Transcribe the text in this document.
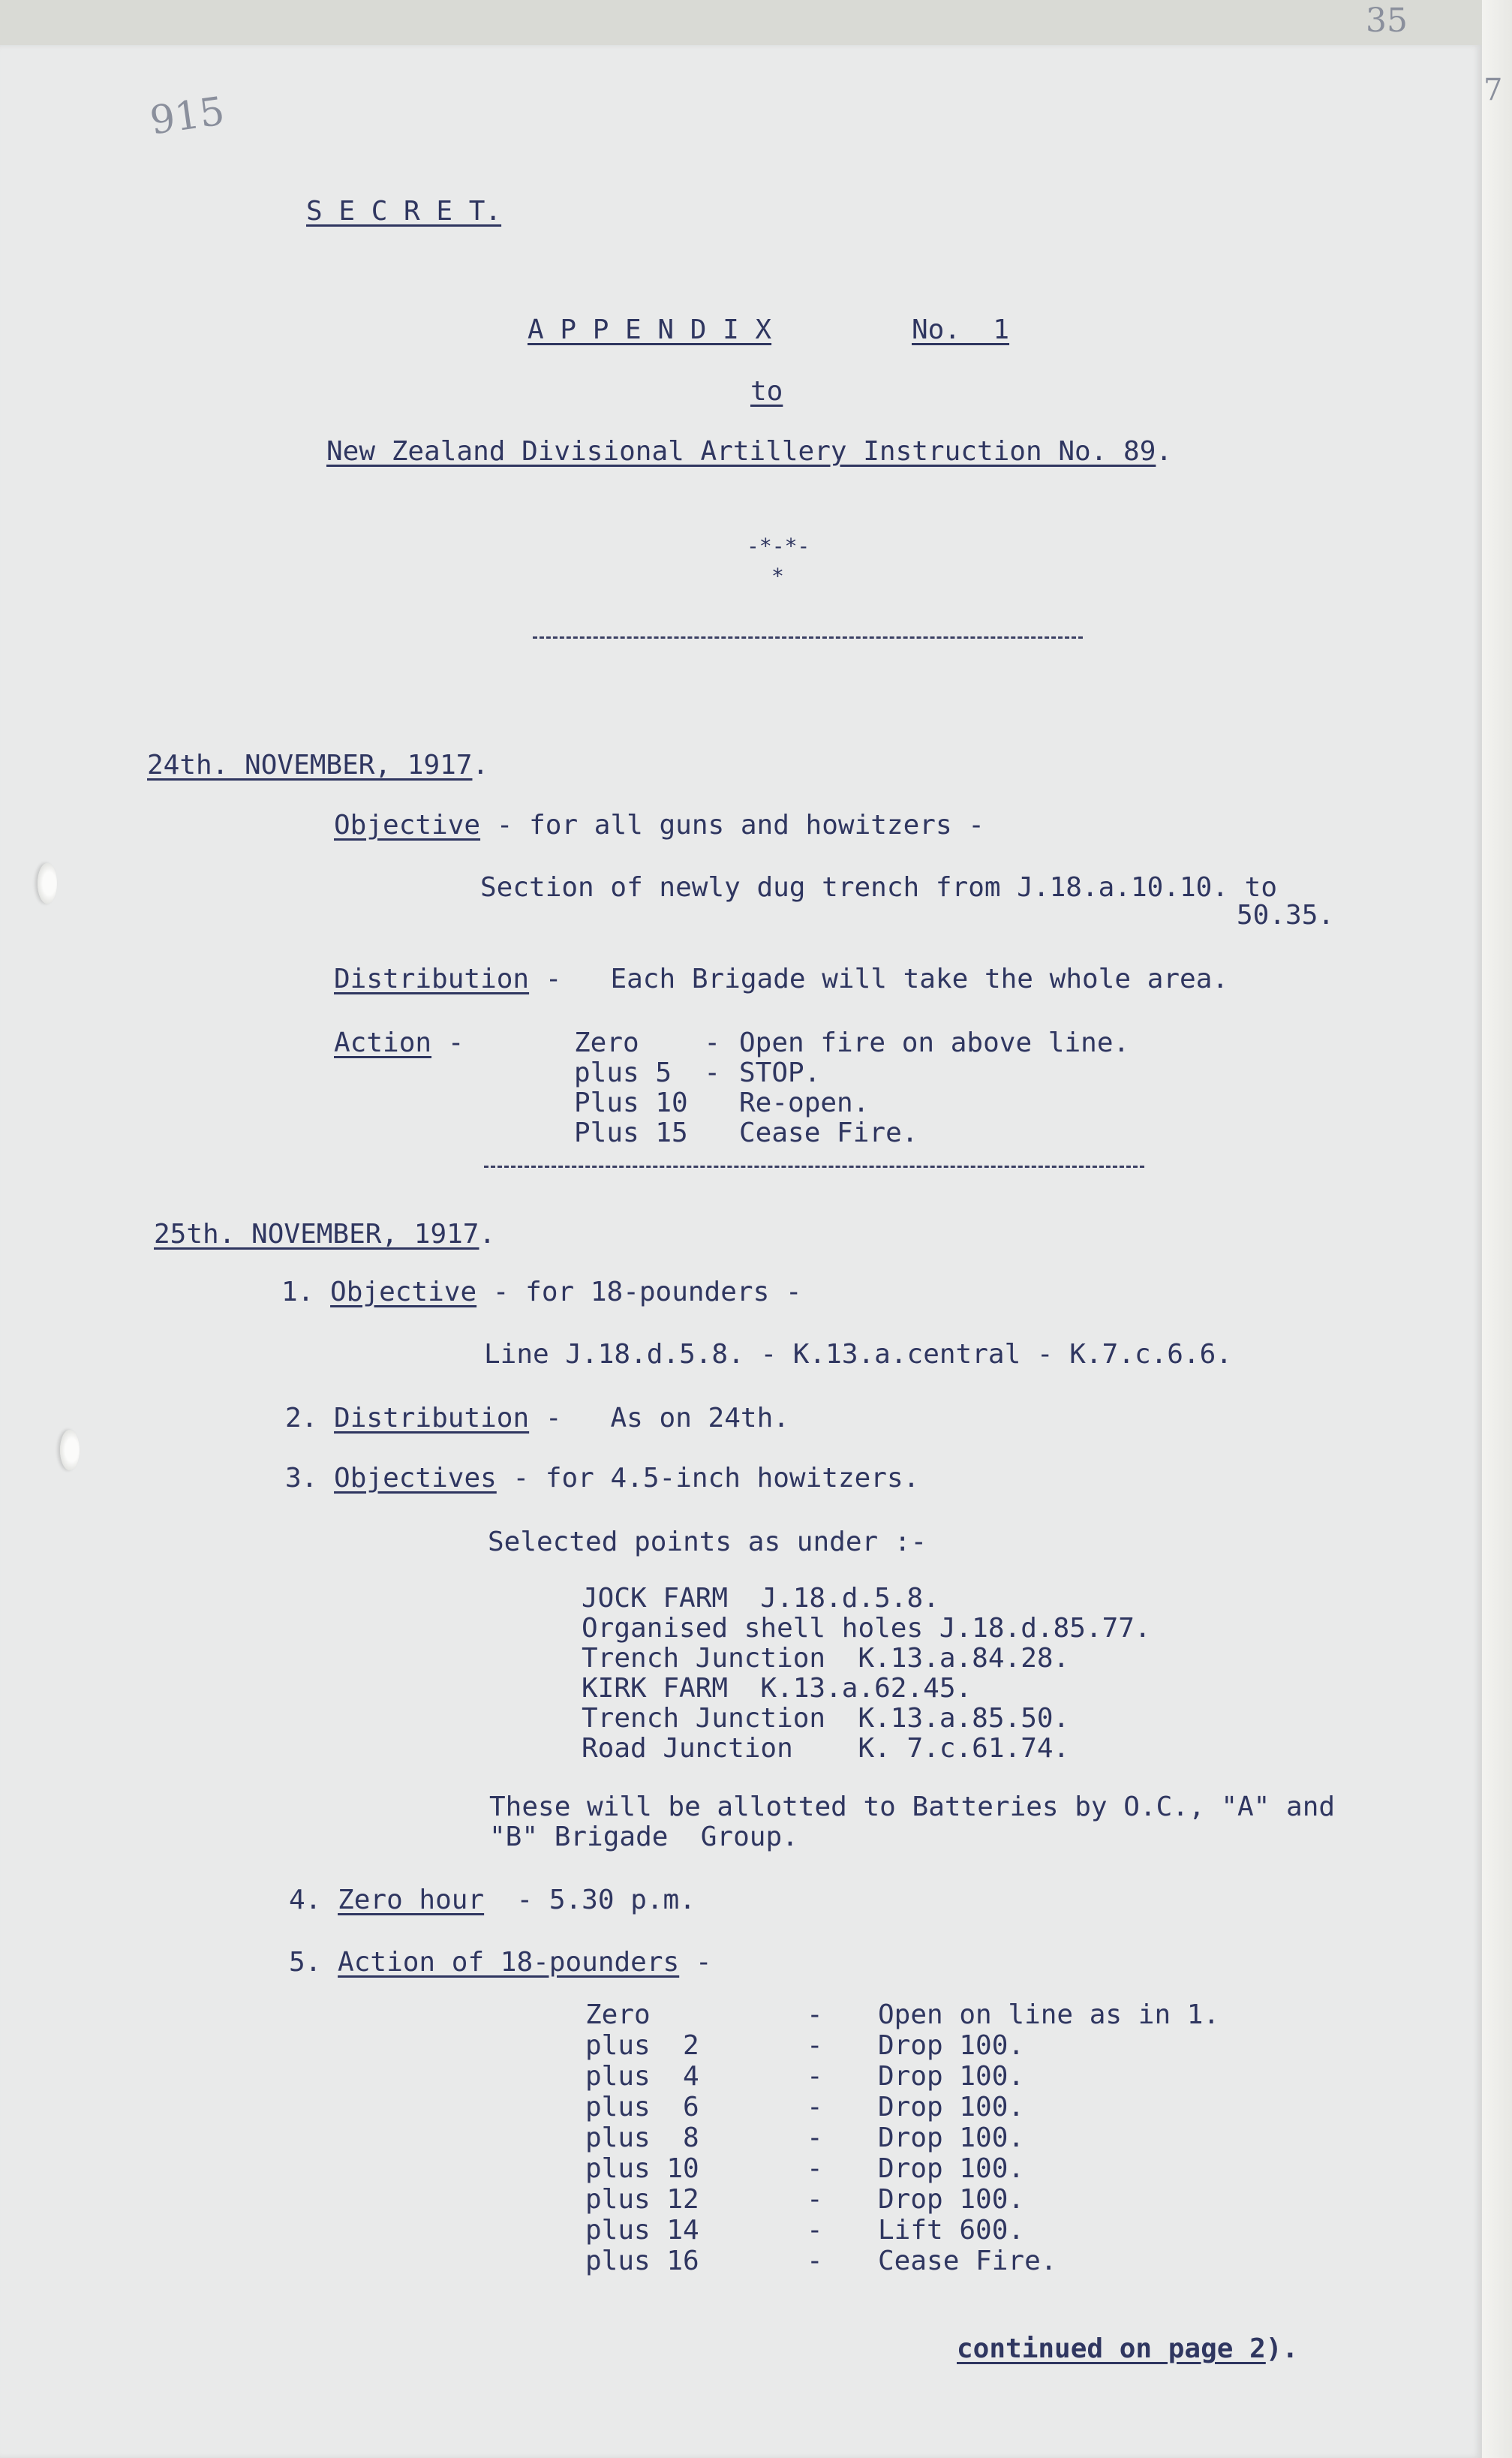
7
915
35
S E C R E T.
A P P E N D I X	No.  1
to
New Zealand Divisional Artillery Instruction No. 89.
-*-*-
*
24th. NOVEMBER, 1917.
Objective - for all guns and howitzers -
Section of newly dug trench from J.18.a.10.10. to
50.35.
Distribution -   Each Brigade will take the whole area.
Action -	Zero    - Open fire on above line.
plus 5  - STOP.
Plus 10 Re-open.
Plus 15 Cease Fire.
25th. NOVEMBER, 1917.
1. Objective - for 18-pounders -
Line J.18.d.5.8. - K.13.a.central - K.7.c.6.6.
2. Distribution -   As on 24th.
3. Objectives - for 4.5-inch howitzers.
Selected points as under :-
JOCK FARM  J.18.d.5.8.
Organised shell holes J.18.d.85.77.
Trench Junction  K.13.a.84.28.
KIRK FARM  K.13.a.62.45.
Trench Junction  K.13.a.85.50.
Road Junction    K. 7.c.61.74.
These will be allotted to Batteries by O.C., "A" and
"B" Brigade  Group.
4. Zero hour  - 5.30 p.m.
5. Action of 18-pounders -
Zero	- Open on line as in 1.
plus  2	- Drop 100.
plus  4	- Drop 100.
plus  6	- Drop 100.
plus  8	- Drop 100.
plus 10	- Drop 100.
plus 12	- Drop 100.
plus 14	- Lift 600.
plus 16	- Cease Fire.
continued on page 2).
